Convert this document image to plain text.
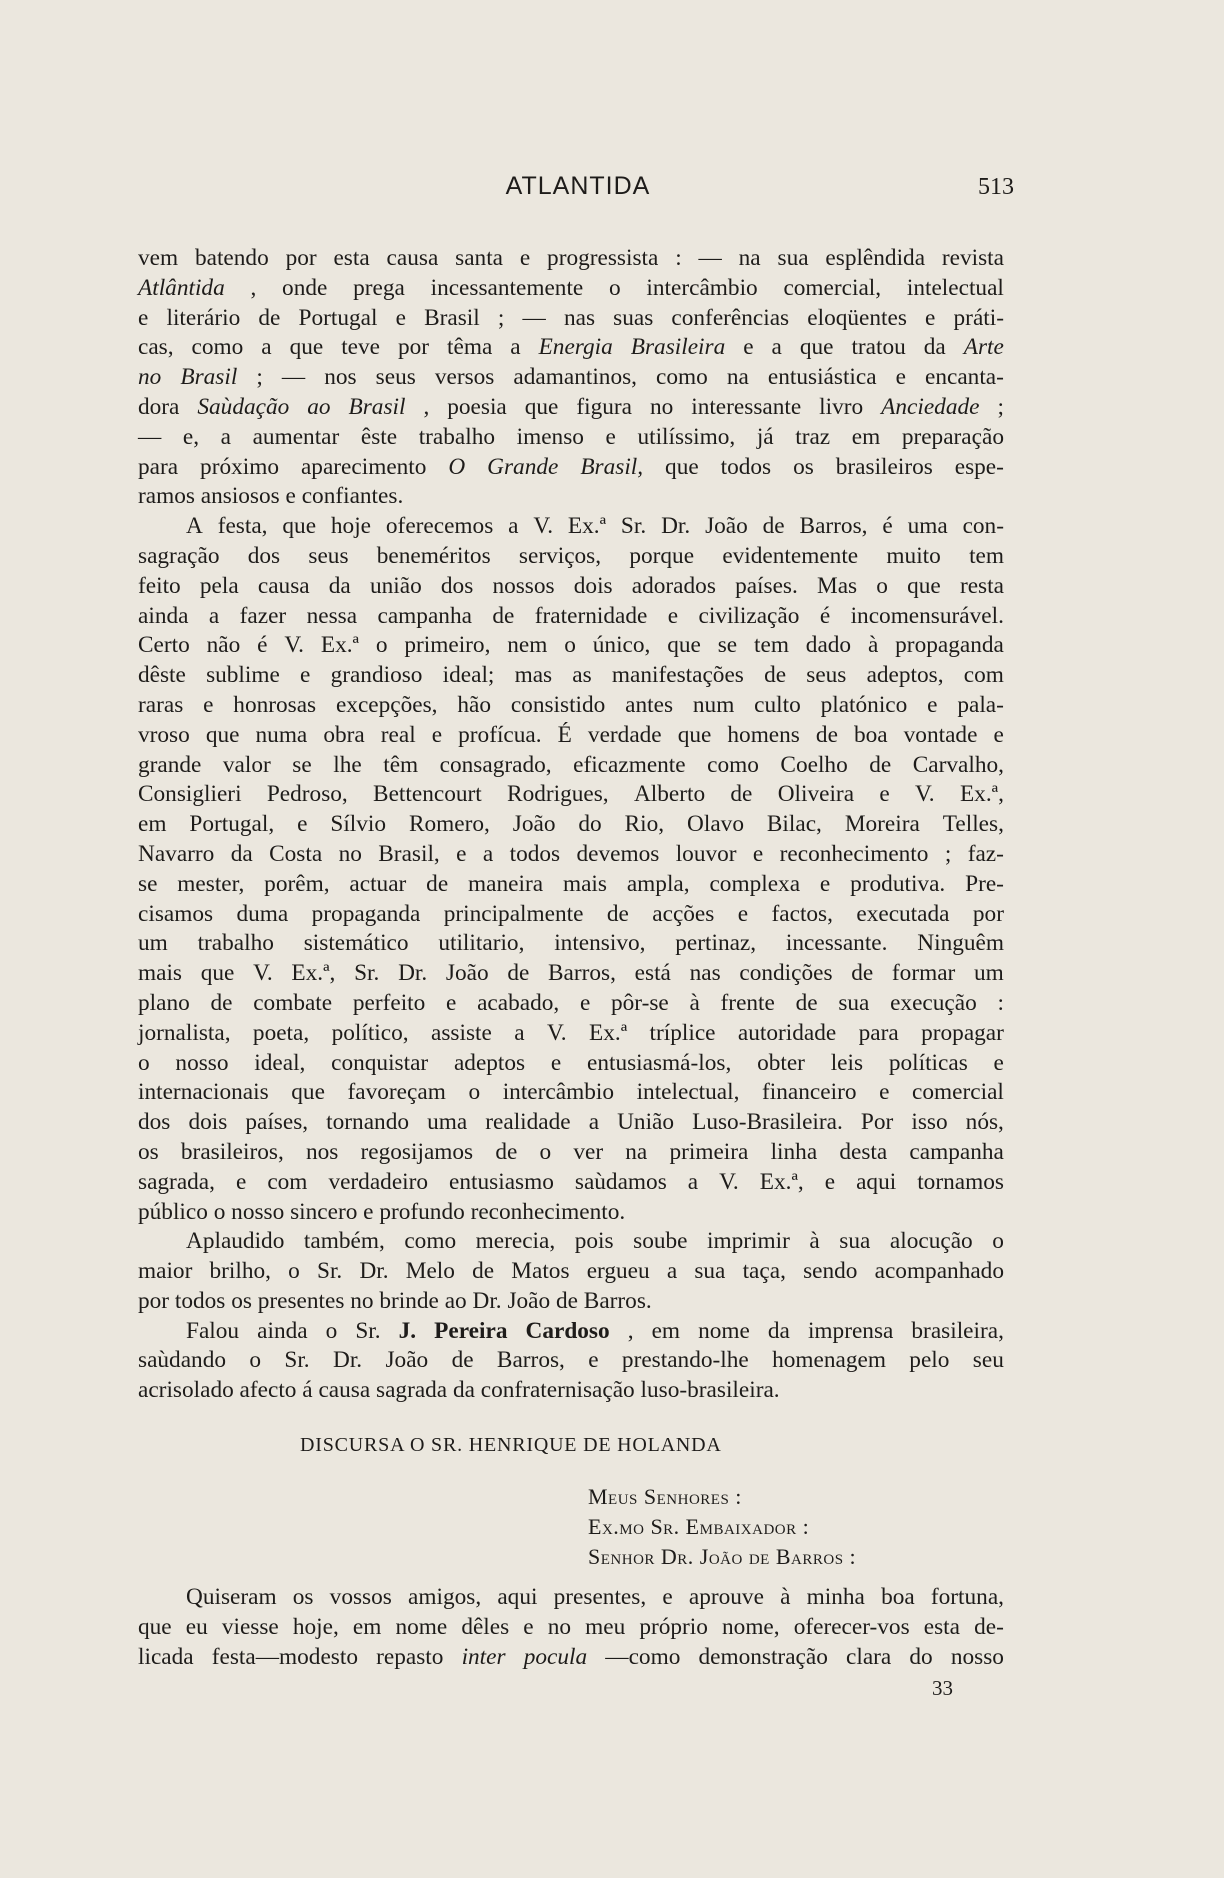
ATLANTIDA	513
vem batendo por esta causa santa e progressista : — na sua esplêndida revista
Atlântida , onde prega incessantemente o intercâmbio comercial, intelectual
e literário de Portugal e Brasil ; — nas suas conferências eloqüentes e práti-
cas, como a que teve por têma a Energia Brasileira e a que tratou da Arte
no Brasil ; — nos seus versos adamantinos, como na entusiástica e encanta-
dora Saùdação ao Brasil , poesia que figura no interessante livro Anciedade ;
— e, a aumentar êste trabalho imenso e utilíssimo, já traz em preparação
para próximo aparecimento O Grande Brasil, que todos os brasileiros espe-
ramos ansiosos e confiantes.
A festa, que hoje oferecemos a V. Ex.ª Sr. Dr. João de Barros, é uma con-
sagração dos seus beneméritos serviços, porque evidentemente muito tem
feito pela causa da união dos nossos dois adorados países. Mas o que resta
ainda a fazer nessa campanha de fraternidade e civilização é incomensurável.
Certo não é V. Ex.ª o primeiro, nem o único, que se tem dado à propaganda
dêste sublime e grandioso ideal; mas as manifestações de seus adeptos, com
raras e honrosas excepções, hão consistido antes num culto platónico e pala-
vroso que numa obra real e profícua. É verdade que homens de boa vontade e
grande valor se lhe têm consagrado, eficazmente como Coelho de Carvalho,
Consiglieri Pedroso, Bettencourt Rodrigues, Alberto de Oliveira e V. Ex.ª,
em Portugal, e Sílvio Romero, João do Rio, Olavo Bilac, Moreira Telles,
Navarro da Costa no Brasil, e a todos devemos louvor e reconhecimento ; faz-
se mester, porêm, actuar de maneira mais ampla, complexa e produtiva. Pre-
cisamos duma propaganda principalmente de acções e factos, executada por
um trabalho sistemático utilitario, intensivo, pertinaz, incessante. Ninguêm
mais que V. Ex.ª, Sr. Dr. João de Barros, está nas condições de formar um
plano de combate perfeito e acabado, e pôr-se à frente de sua execução :
jornalista, poeta, político, assiste a V. Ex.ª tríplice autoridade para propagar
o nosso ideal, conquistar adeptos e entusiasmá-los, obter leis políticas e
internacionais que favoreçam o intercâmbio intelectual, financeiro e comercial
dos dois países, tornando uma realidade a União Luso-Brasileira. Por isso nós,
os brasileiros, nos regosijamos de o ver na primeira linha desta campanha
sagrada, e com verdadeiro entusiasmo saùdamos a V. Ex.ª, e aqui tornamos
público o nosso sincero e profundo reconhecimento.
Aplaudido também, como merecia, pois soube imprimir à sua alocução o
maior brilho, o Sr. Dr. Melo de Matos ergueu a sua taça, sendo acompanhado
por todos os presentes no brinde ao Dr. João de Barros.
Falou ainda o Sr. J. Pereira Cardoso , em nome da imprensa brasileira,
saùdando o Sr. Dr. João de Barros, e prestando-lhe homenagem pelo seu
acrisolado afecto á causa sagrada da confraternisação luso-brasileira.
DISCURSA O SR. HENRIQUE DE HOLANDA
Meus Senhores :
Ex.mo Sr. Embaixador :
Senhor Dr. João de Barros :
Quiseram os vossos amigos, aqui presentes, e aprouve à minha boa fortuna,
que eu viesse hoje, em nome dêles e no meu próprio nome, oferecer-vos esta de-
licada festa—modesto repasto inter pocula —como demonstração clara do nosso
33
